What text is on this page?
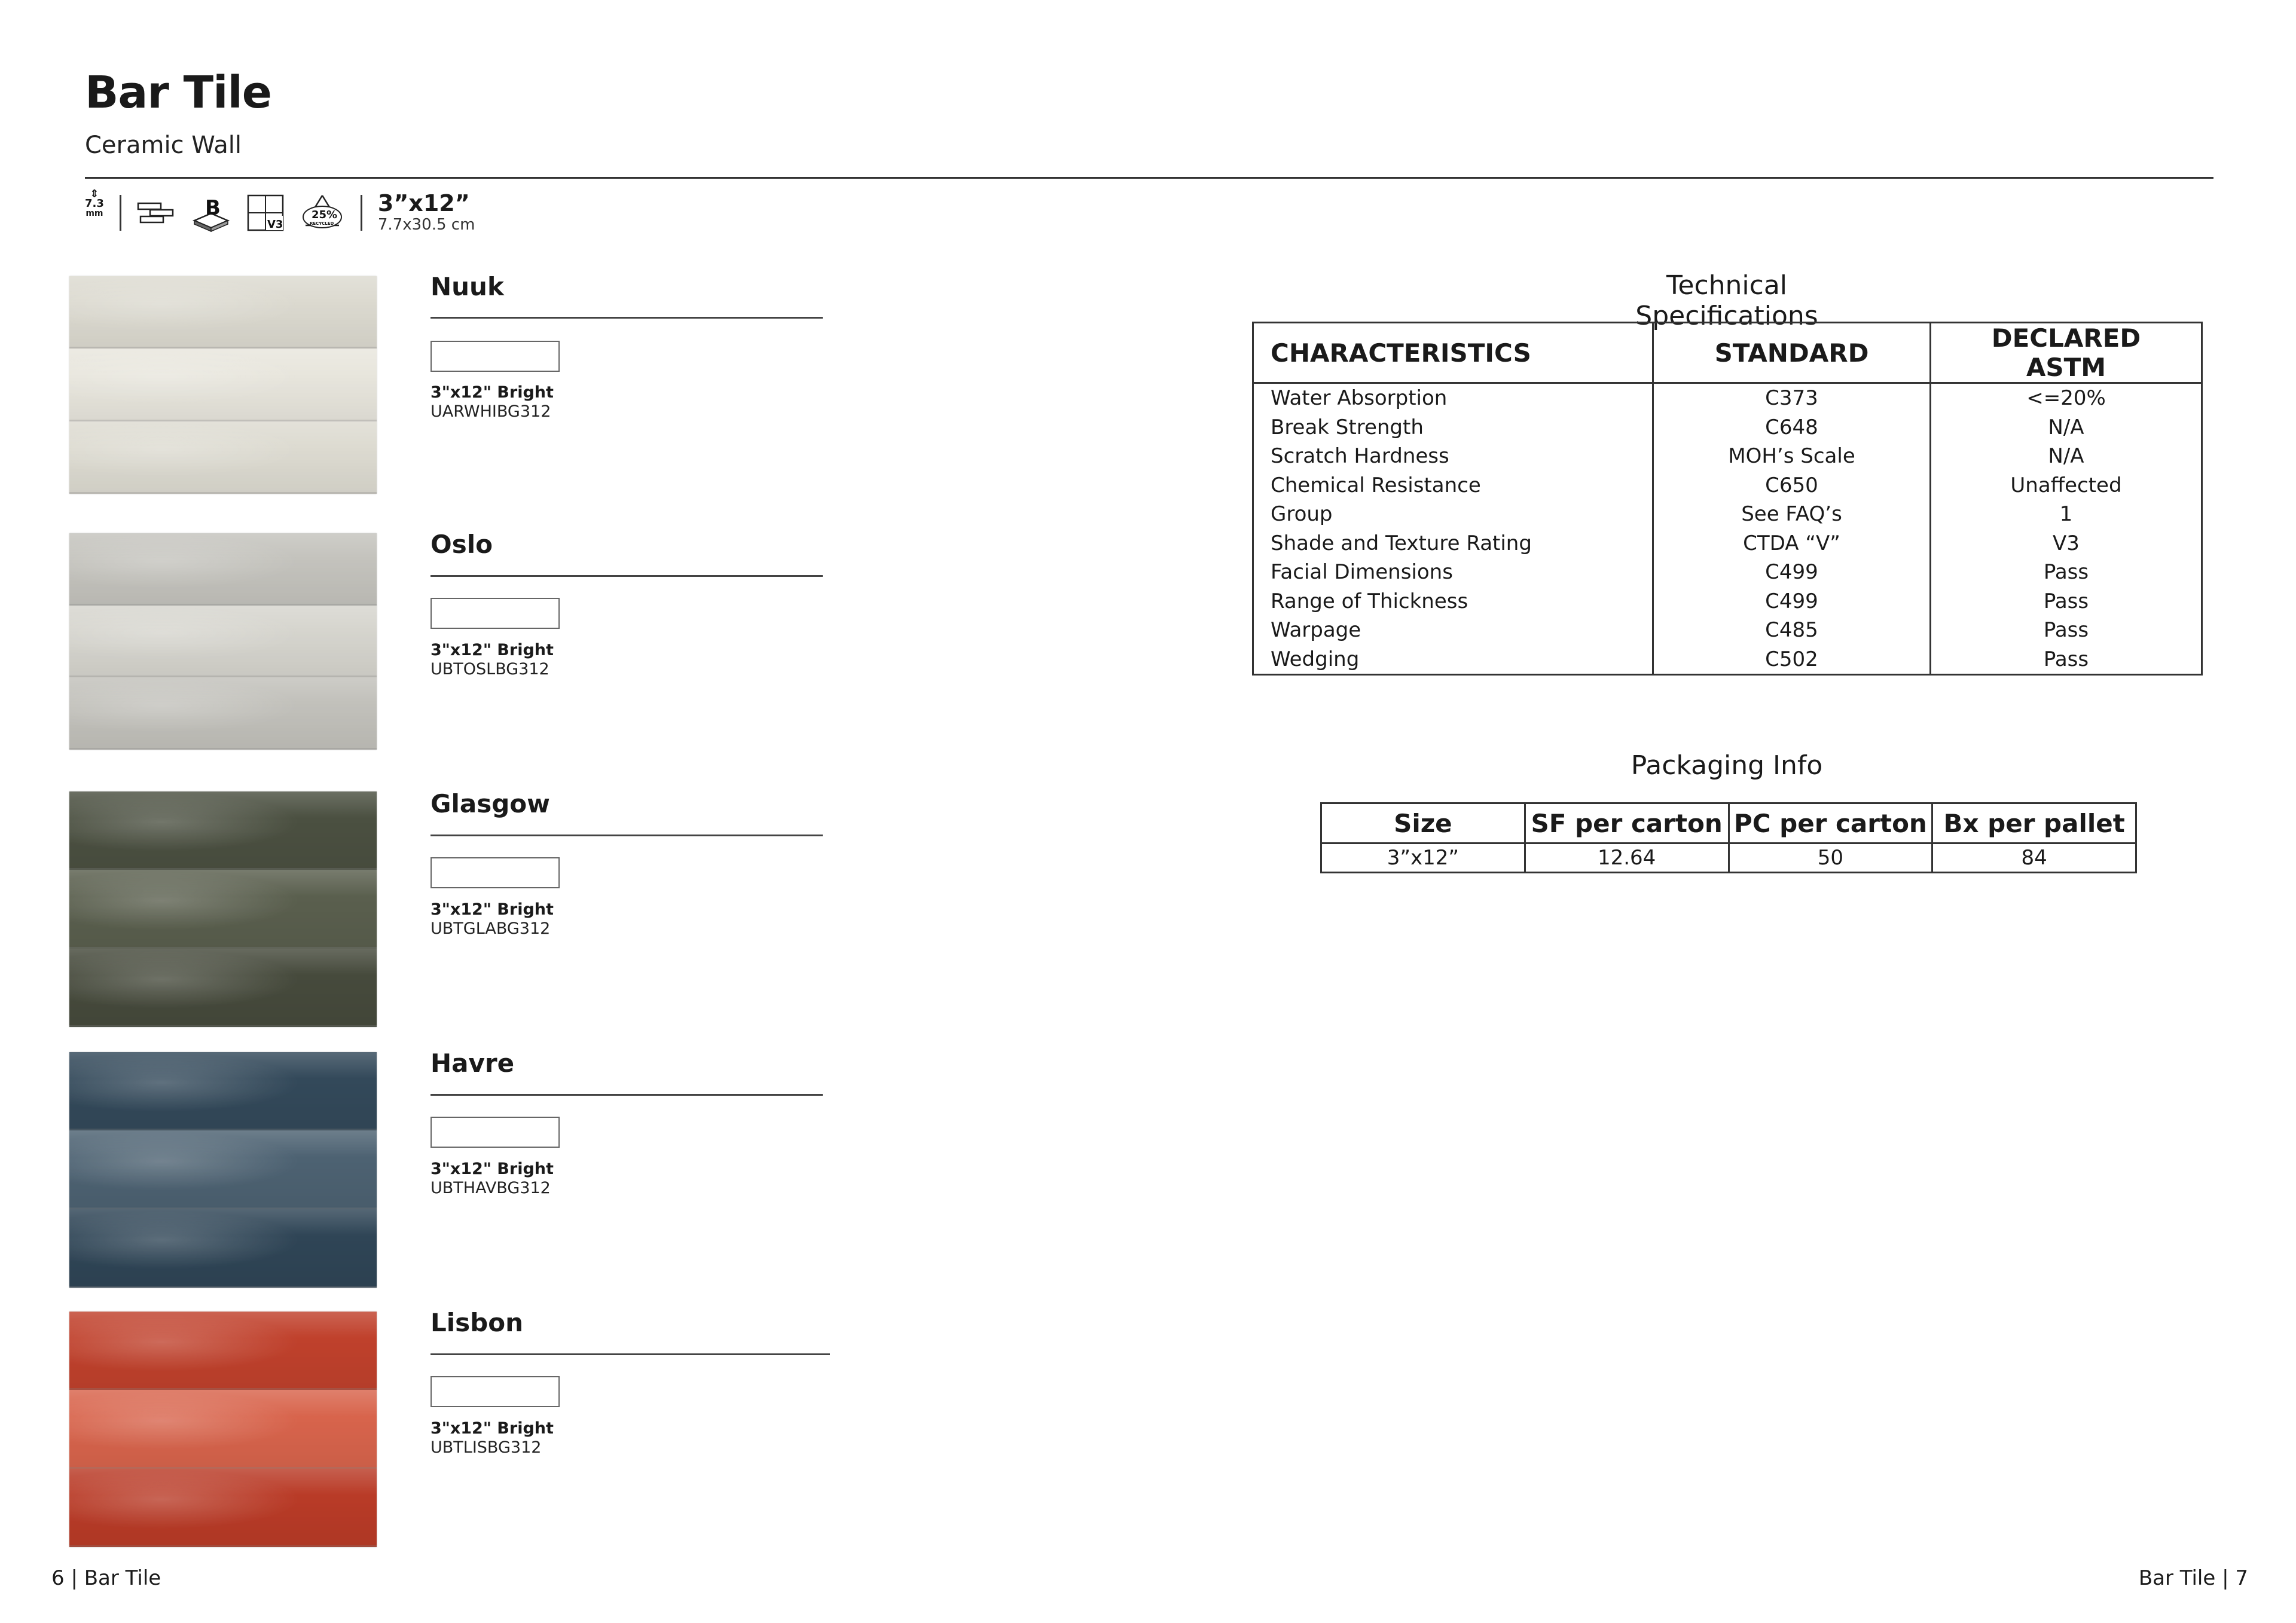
Bar Tile
Ceramic Wall
⇕
7.3
mm	B
V3
25%
RECYCLED
3”x12”
7.7x30.5 cm
Nuuk
3"x12" Bright
UARWHIBG312
Oslo
3"x12" Bright
UBTOSLBG312
Glasgow
3"x12" Bright
UBTGLABG312
Havre
3"x12" Bright
UBTHAVBG312
Lisbon
3"x12" Bright
UBTLISBG312
Technical Specifications
CHARACTERISTICS	STANDARD	DECLARED ASTM
Water Absorption	C373	<=20%
Break Strength	C648	N/A
Scratch Hardness	MOH’s Scale	N/A
Chemical Resistance	C650	Unaffected
Group	See FAQ’s	1
Shade and Texture Rating	CTDA “V”	V3
Facial Dimensions	C499	Pass
Range of Thickness	C499	Pass
Warpage	C485	Pass
Wedging	C502	Pass
Packaging Info
Size	SF per carton	PC per carton	Bx per pallet
3”x12”	12.64	50	84
6 | Bar Tile	Bar Tile | 7
